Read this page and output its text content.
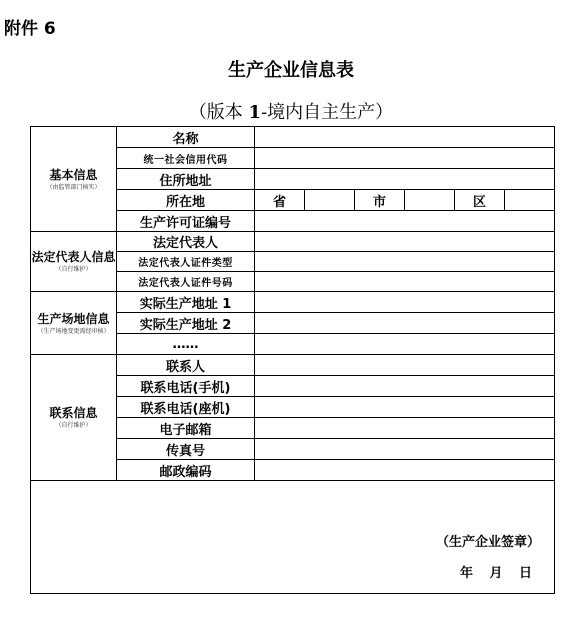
附件 6
生产企业信息表
（版本 1-境内自主生产）
基本信息
（由监管部门核实）	名称						
	统一社会信用代码						
	住所地址						
	所在地	省		市		区	
	生产许可证编号						
法定代表人信息
（自行维护）	法定代表人						
	法定代表人证件类型						
	法定代表人证件号码						
生产场地信息
（生产场地变更需经审核）	实际生产地址 1						
	实际生产地址 2						
	……						
联系信息
（自行维护）	联系人						
	联系电话(手机)						
	联系电话(座机)						
	电子邮箱						
	传真号						
	邮政编码						

（生产企业签章）
年 月 日							
